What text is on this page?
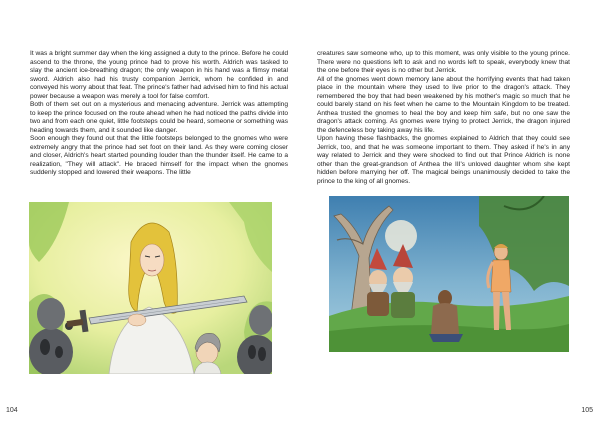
It was a bright summer day when the king assigned a duty to the prince. Before he could ascend to the throne, the young prince had to prove his worth. Aldrich was tasked to slay the ancient ice-breathing dragon; the only weapon in his hand was a flimsy metal sword. Aldrich also had his trusty companion Jerrick, whom he confided in and conveyed his worry about that feat. The prince's father had advised him to find his actual power because a weapon was merely a tool for false comfort.

Both of them set out on a mysterious and menacing adventure. Jerrick was attempting to keep the prince focused on the route ahead when he had noticed the paths divide into two and from each one quiet, little footsteps could be heard, someone or something was heading towards them, and it sounded like danger.

Soon enough they found out that the little footsteps belonged to the gnomes who were extremely angry that the prince had set foot on their land. As they were coming closer and closer, Aldrich's heart started pounding louder than the thunder itself. He came to a realization, "They will attack". He braced himself for the impact when the gnomes suddenly stopped and lowered their weapons. The little

104

creatures saw someone who, up to this moment, was only visible to the young prince. There were no questions left to ask and no words left to speak, everybody knew that the one before their eyes is no other but Jerrick.

All of the gnomes went down memory lane about the horrifying events that had taken place in the mountain where they used to live prior to the dragon's attack. They remembered the boy that had been weakened by his mother's magic so much that he could barely stand on his feet when he came to the Mountain Kingdom to be treated. Anthea trusted the gnomes to heal the boy and keep him safe, but no one saw the dragon's attack coming. As gnomes were trying to protect Jerrick, the dragon injured the defenceless boy taking away his life.

Upon having these flashbacks, the gnomes explained to Aldrich that they could see Jerrick, too, and that he was someone important to them. They asked if he's in any way related to Jerrick and they were shocked to find out that Prince Aldrich is none other than the great-grandson of Anthea the III's unloved daughter whom she kept hidden before marrying her off. The magical beings unanimously decided to take the prince to the king of all gnomes.

105
